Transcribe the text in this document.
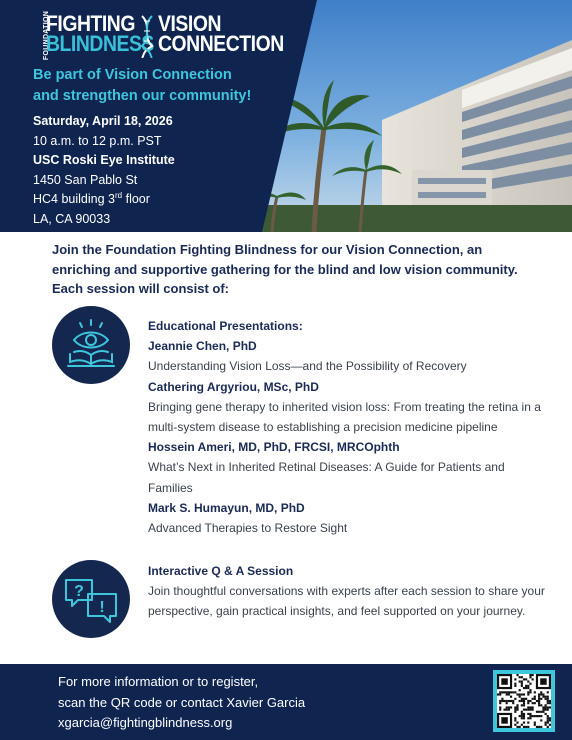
FOUNDATION
FIGHTING
BLINDNESS
VISION
CONNECTION
Be part of Vision Connection
and strengthen our community!
Saturday, April 18, 2026
10 a.m. to 12 p.m. PST
USC Roski Eye Institute
1450 San Pablo St
HC4 building 3rd floor
LA, CA 90033
Join the Foundation Fighting Blindness for our Vision Connection, an enriching and supportive gathering for the blind and low vision community. Each session will consist of:
Educational Presentations:
Jeannie Chen, PhD
Understanding Vision Loss—and the Possibility of Recovery
Cathering Argyriou, MSc, PhD
Bringing gene therapy to inherited vision loss: From treating the retina in a multi-system disease to establishing a precision medicine pipeline
Hossein Ameri, MD, PhD, FRCSI, MRCOphth
What’s Next in Inherited Retinal Diseases: A Guide for Patients and Families
Mark S. Humayun, MD, PhD
Advanced Therapies to Restore Sight
?
!
Interactive Q & A Session
Join thoughtful conversations with experts after each session to share your perspective, gain practical insights, and feel supported on your journey.
For more information or to register,
scan the QR code or contact Xavier Garcia
xgarcia@fightingblindness.org
